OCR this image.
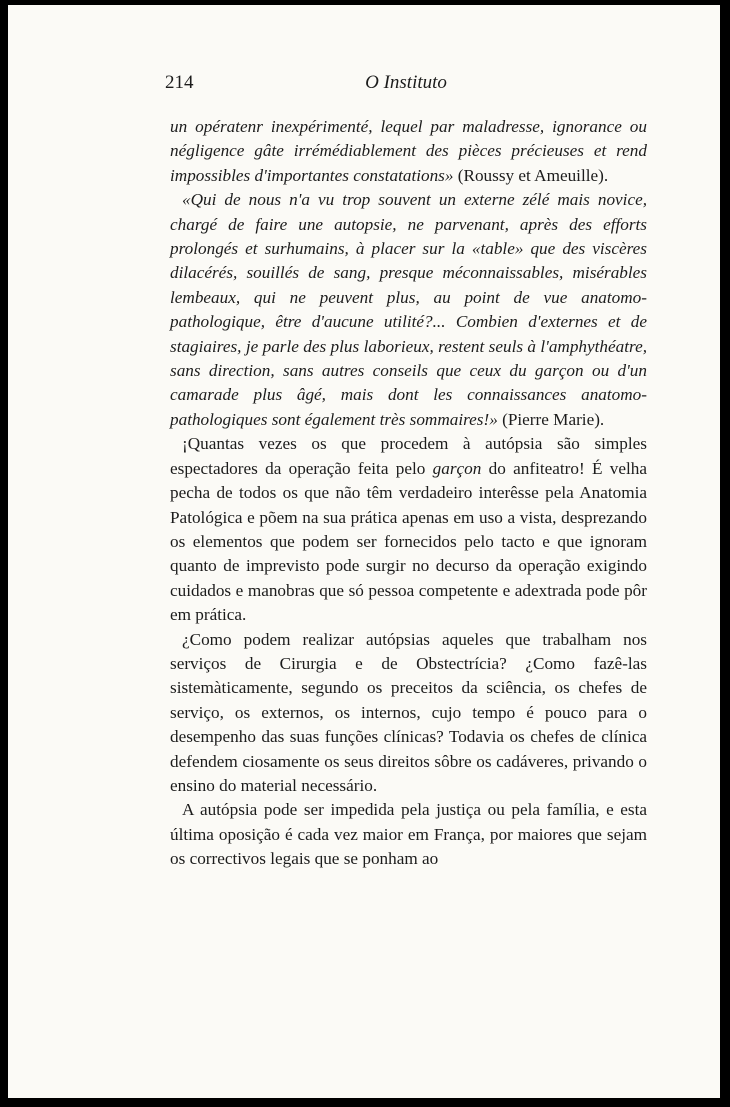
214	O Instituto

un opératenr inexpérimenté, lequel par maladresse, ignorance ou négligence gâte irrémédiablement des pièces précieuses et rend impossibles d'importantes constatations» (Roussy et Ameuille).

«Qui de nous n'a vu trop souvent un externe zélé mais novice, chargé de faire une autopsie, ne parvenant, après des efforts prolongés et surhumains, à placer sur la «table» que des viscères dilacérés, souillés de sang, presque méconnaissables, misérables lembeaux, qui ne peuvent plus, au point de vue anatomo-pathologique, être d'aucune utilité?... Combien d'externes et de stagiaires, je parle des plus laborieux, restent seuls à l'amphythéatre, sans direction, sans autres conseils que ceux du garçon ou d'un camarade plus âgé, mais dont les connaissances anatomo-pathologiques sont également très sommaires!» (Pierre Marie).

¡Quantas vezes os que procedem à autópsia são simples espectadores da operação feita pelo garçon do anfiteatro! É velha pecha de todos os que não têm verdadeiro interêsse pela Anatomia Patológica e põem na sua prática apenas em uso a vista, desprezando os elementos que podem ser fornecidos pelo tacto e que ignoram quanto de imprevisto pode surgir no decurso da operação exigindo cuidados e manobras que só pessoa competente e adextrada pode pôr em prática.

¿Como podem realizar autópsias aqueles que trabalham nos serviços de Cirurgia e de Obstectrícia? ¿Como fazê-las sistemàticamente, segundo os preceitos da sciência, os chefes de serviço, os externos, os internos, cujo tempo é pouco para o desempenho das suas funções clínicas? Todavia os chefes de clínica defendem ciosamente os seus direitos sôbre os cadáveres, privando o ensino do material necessário.

A autópsia pode ser impedida pela justiça ou pela família, e esta última oposição é cada vez maior em França, por maiores que sejam os correctivos legais que se ponham ao
